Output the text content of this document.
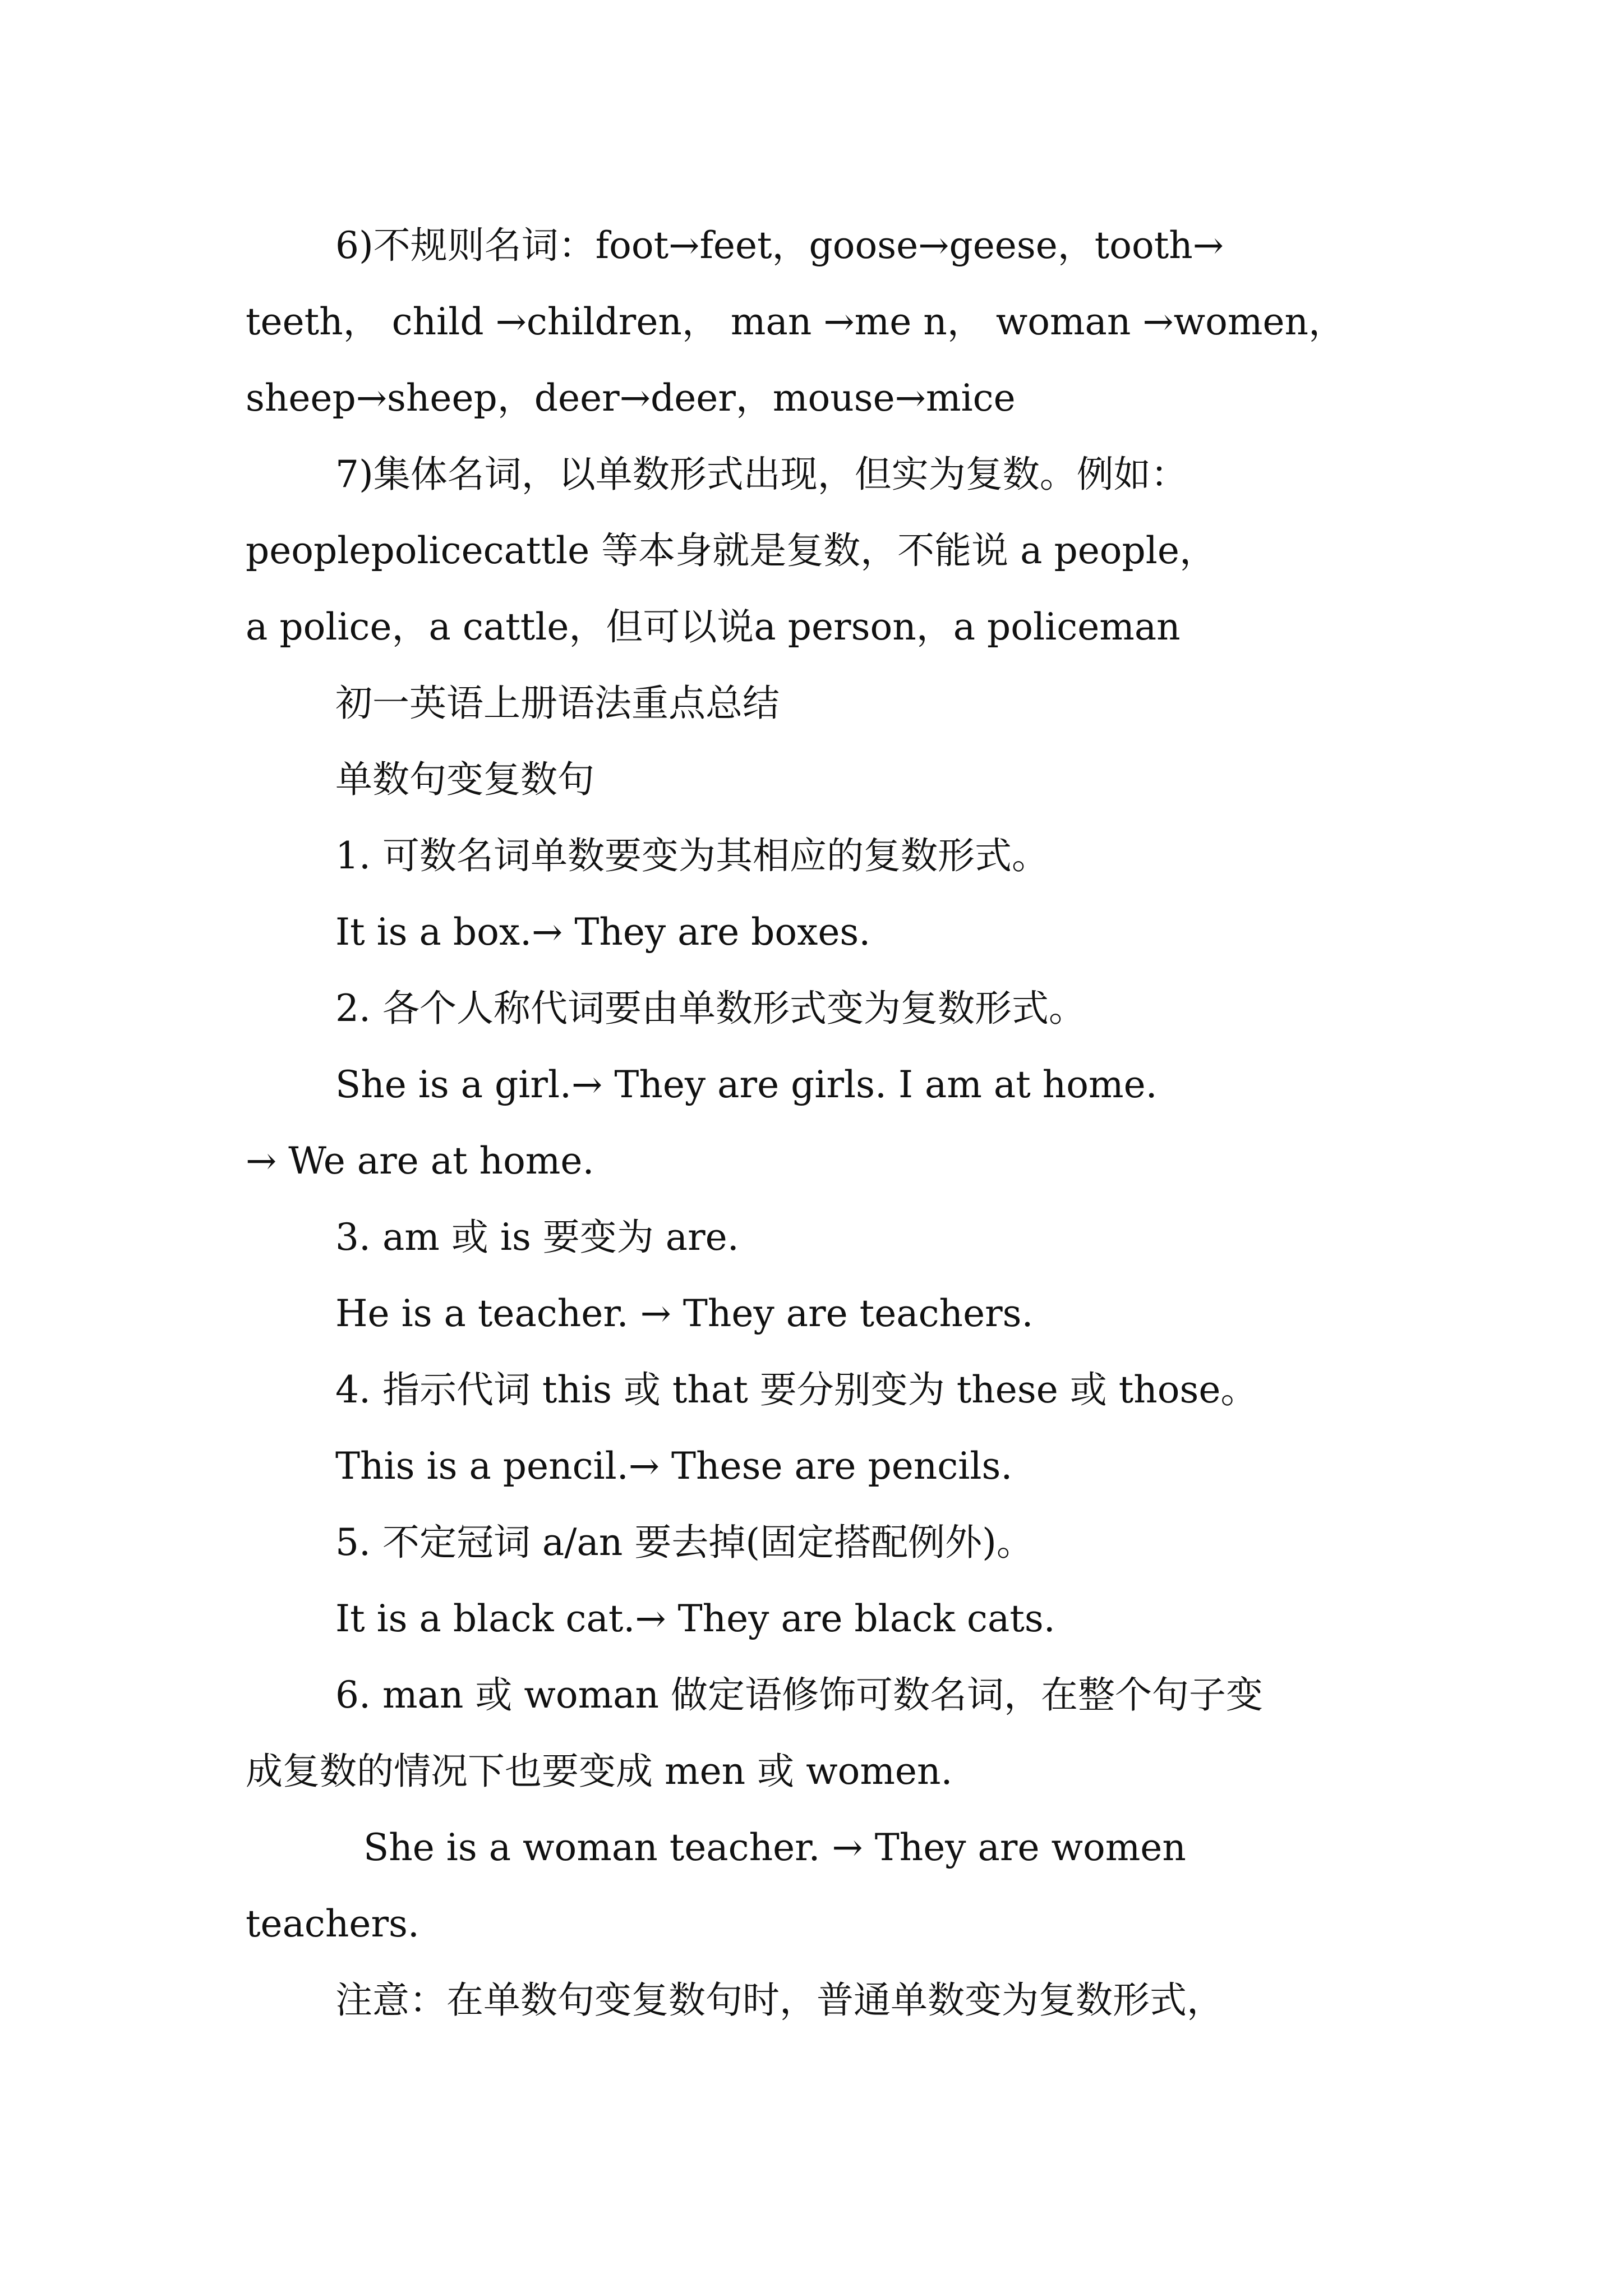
6)不规则名词：foot→feet，goose→geese，tooth→
teeth， child →children， man →me n， woman →women，
sheep→sheep，deer→deer，mouse→mice
7)集体名词，以单数形式出现，但实为复数。例如：
peoplepolicecattle 等本身就是复数，不能说 a people，
a police，a cattle，但可以说a person，a policeman
初一英语上册语法重点总结
单数句变复数句
1. 可数名词单数要变为其相应的复数形式。
It is a box.→ They are boxes.
2. 各个人称代词要由单数形式变为复数形式。
She is a girl.→ They are girls. I am at home.
→ We are at home.
3. am 或 is 要变为 are.
He is a teacher. → They are teachers.
4. 指示代词 this 或 that 要分别变为 these 或 those。
This is a pencil.→ These are pencils.
5. 不定冠词 a/an 要去掉(固定搭配例外)。
It is a black cat.→ They are black cats.
6. man 或 woman 做定语修饰可数名词，在整个句子变
成复数的情况下也要变成 men 或 women.
She is a woman teacher. → They are women
teachers.
注意：在单数句变复数句时，普通单数变为复数形式，
